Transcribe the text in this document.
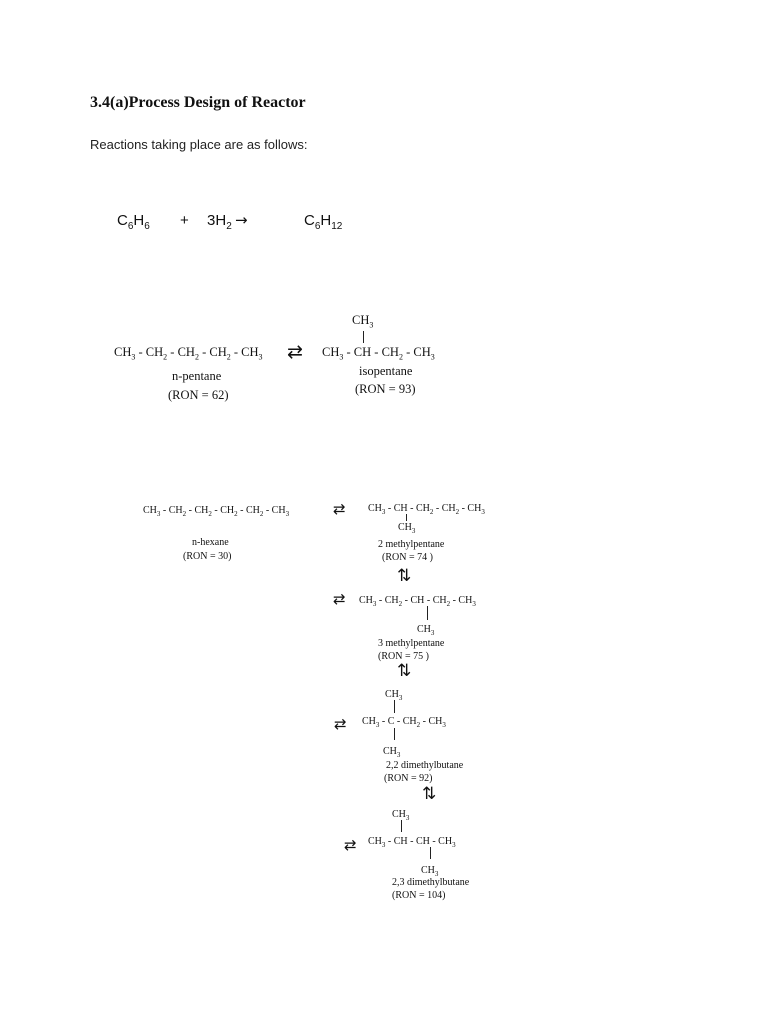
3.4(a)Process Design of Reactor
Reactions taking place are as follows:
$C_6H_6 + 3H_2$ →	$C_6H_{12}$
$CH_3 - CH_2 - CH_2 - CH_2 - CH_3$
n-pentane
(RON = 62)
⇄
$CH_3$
$CH_3$ - CH - $CH_2 - CH_3$
isopentane
(RON = 93)
$CH_3 - CH_2 - CH_2 - CH_2 - CH_2 - CH_3$
n-hexane
(RON = 30)
⇄ $CH_3$ - CH - $CH_2 - CH_2 - CH_3$
$CH_3$
2 methylpentane
(RON = 74 )
⇅
⇄ $CH_3 - CH_2$ - CH - $CH_2 - CH_3$
$CH_3$
3 methylpentane
(RON = 75 )
⇅
$CH_3$
⇄ $CH_3$ - C - $CH_2 - CH_3$
$CH_3$
2,2 dimethylbutane
(RON = 92)
⇅
$CH_3$
⇄ $CH_3$ - CH - CH - $CH_3$
$CH_3$
2,3 dimethylbutane
(RON = 104)
